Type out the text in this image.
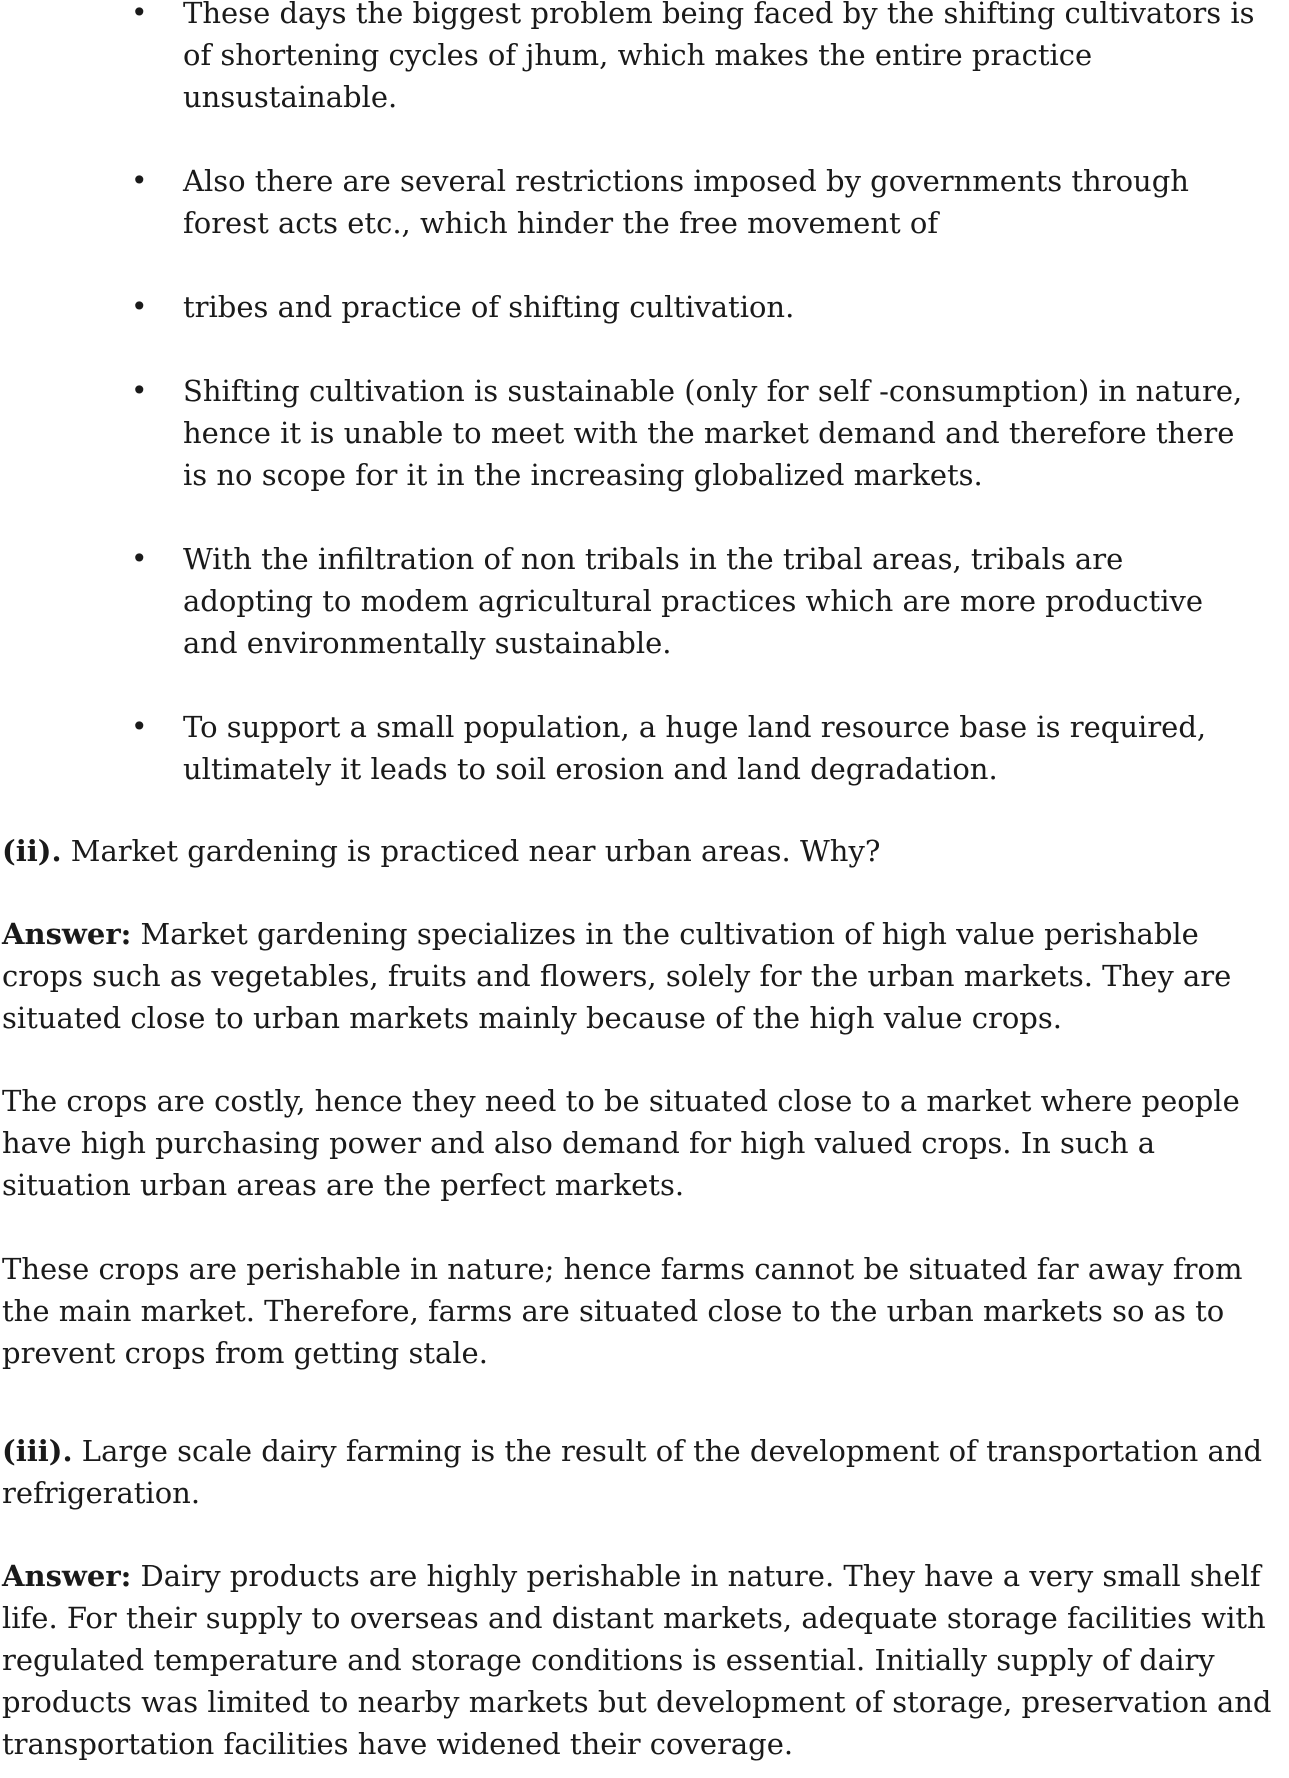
• These days the biggest problem being faced by the shifting cultivators is of shortening cycles of jhum, which makes the entire practice unsustainable.
• Also there are several restrictions imposed by governments through forest acts etc., which hinder the free movement of
• tribes and practice of shifting cultivation.
• Shifting cultivation is sustainable (only for self -consumption) in nature, hence it is unable to meet with the market demand and therefore there is no scope for it in the increasing globalized markets.
• With the infiltration of non tribals in the tribal areas, tribals are adopting to modem agricultural practices which are more productive and environmentally sustainable.
• To support a small population, a huge land resource base is required, ultimately it leads to soil erosion and land degradation.

(ii). Market gardening is practiced near urban areas. Why?

Answer: Market gardening specializes in the cultivation of high value perishable crops such as vegetables, fruits and flowers, solely for the urban markets. They are situated close to urban markets mainly because of the high value crops.

The crops are costly, hence they need to be situated close to a market where people have high purchasing power and also demand for high valued crops. In such a situation urban areas are the perfect markets.

These crops are perishable in nature; hence farms cannot be situated far away from the main market. Therefore, farms are situated close to the urban markets so as to prevent crops from getting stale.

(iii). Large scale dairy farming is the result of the development of transportation and refrigeration.

Answer: Dairy products are highly perishable in nature. They have a very small shelf life. For their supply to overseas and distant markets, adequate storage facilities with regulated temperature and storage conditions is essential. Initially supply of dairy products was limited to nearby markets but development of storage, preservation and transportation facilities have widened their coverage.
